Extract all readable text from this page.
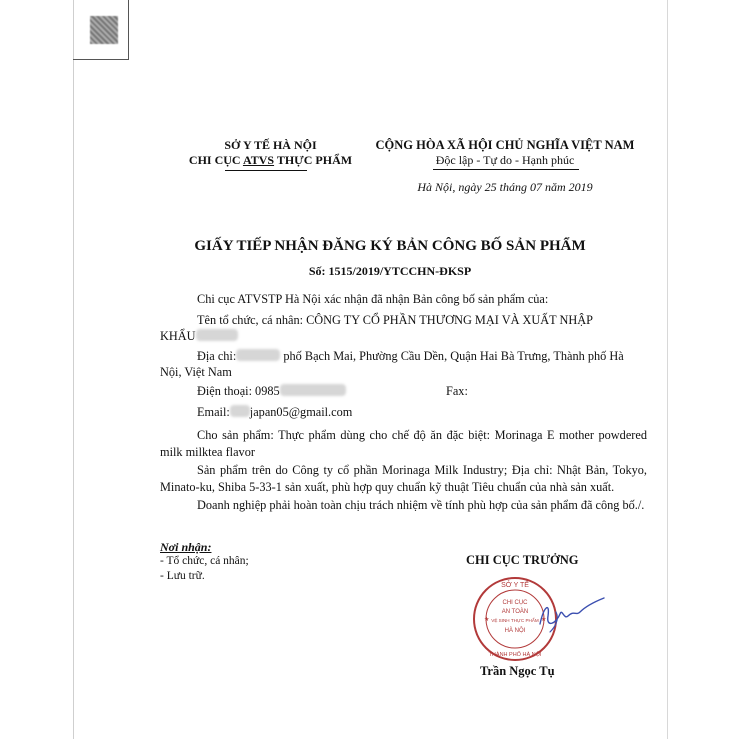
SỞ Y TẾ HÀ NỘI
CHI CỤC ATVS THỰC PHẨM
CỘNG HÒA XÃ HỘI CHỦ NGHĨA VIỆT NAM
Độc lập - Tự do - Hạnh phúc
Hà Nội, ngày 25 tháng 07 năm 2019
GIẤY TIẾP NHẬN ĐĂNG KÝ BẢN CÔNG BỐ SẢN PHẨM
Số: 1515/2019/YTCCHN-ĐKSP
Chi cục ATVSTP Hà Nội xác nhận đã nhận Bản công bố sản phẩm của:
Tên tổ chức, cá nhân: CÔNG TY CỔ PHẦN THƯƠNG MẠI VÀ XUẤT NHẬP
KHẨU
Địa chỉ:	phố Bạch Mai, Phường Cầu Dền, Quận Hai Bà Trưng, Thành phố Hà
Nội, Việt Nam
Điện thoại: 0985	Fax:
Email: japan05@gmail.com
Cho sản phẩm: Thực phẩm dùng cho chế độ ăn đặc biệt: Morinaga E mother powdered milk milktea flavor
Sản phẩm trên do Công ty cổ phần Morinaga Milk Industry; Địa chỉ: Nhật Bản, Tokyo, Minato-ku, Shiba 5-33-1 sản xuất, phù hợp quy chuẩn kỹ thuật Tiêu chuẩn của nhà sản xuất.
Doanh nghiệp phải hoàn toàn chịu trách nhiệm về tính phù hợp của sản phẩm đã công bố./.
Nơi nhận:
- Tổ chức, cá nhân;
- Lưu trữ.
CHI CỤC TRƯỞNG
SỞ Y TẾ
CHI CỤC
AN TOÀN
VỆ SINH THỰC PHẨM
HÀ NỘI
THÀNH PHỐ HÀ NỘI
★	★
Trần Ngọc Tụ
